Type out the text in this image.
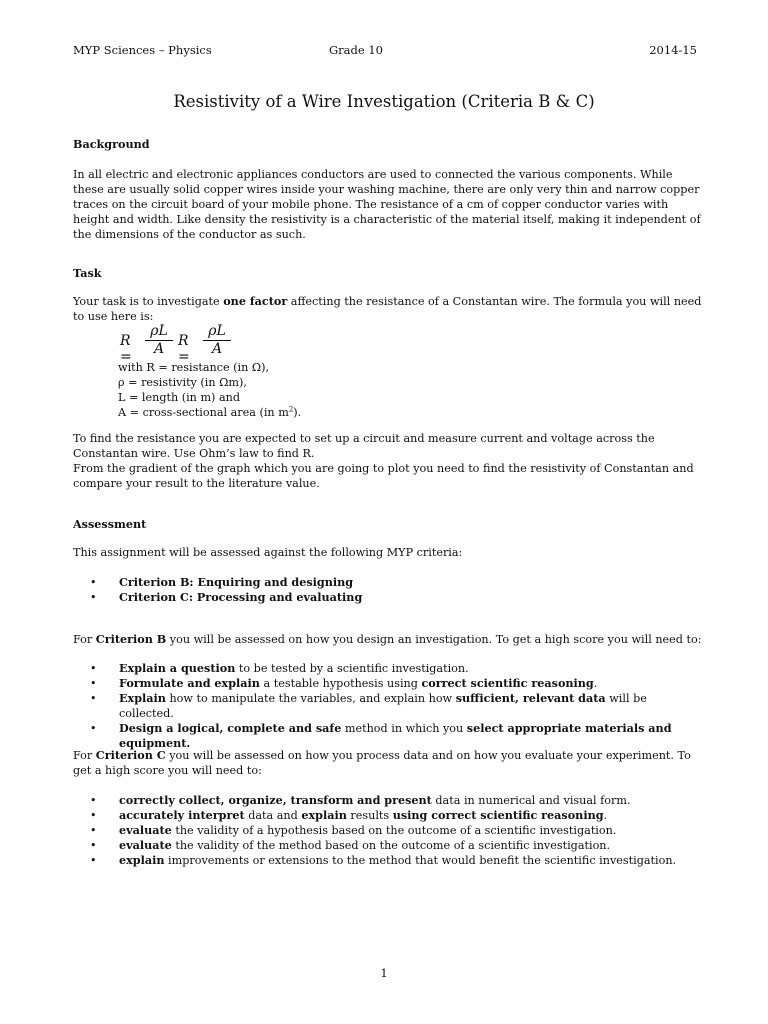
MYP Sciences – Physics	Grade 10	2014-15
Resistivity of a Wire Investigation (Criteria B & C)

Background

In all electric and electronic appliances conductors are used to connected the various components. While these are usually solid copper wires inside your washing machine, there are only very thin and narrow copper traces on the circuit board of your mobile phone. The resistance of a cm of copper conductor varies with height and width. Like density the resistivity is a characteristic of the material itself, making it independent of the dimensions of the conductor as such.

Task

Your task is to investigate one factor affecting the resistance of a Constantan wire. The formula you will need to use here is:

$R = \frac{\rho L}{A}$ $R = \frac{\rho L}{A}$

with R = resistance (in Ω),

ρ = resistivity (in Ωm),

L = length (in m) and

A = cross-sectional area (in $m^2$).

To find the resistance you are expected to set up a circuit and measure current and voltage across the Constantan wire. Use Ohm’s law to find R.

From the gradient of the graph which you are going to plot you need to find the resistivity of Constantan and compare your result to the literature value.

Assessment

This assignment will be assessed against the following MYP criteria:

• Criterion B: Enquiring and designing
• Criterion C: Processing and evaluating

For Criterion B you will be assessed on how you design an investigation. To get a high score you will need to:

• Explain a question to be tested by a scientific investigation.
• Formulate and explain a testable hypothesis using correct scientific reasoning.
• Explain how to manipulate the variables, and explain how sufficient, relevant data will be collected.
• Design a logical, complete and safe method in which you select appropriate materials and equipment.

For Criterion C you will be assessed on how you process data and on how you evaluate your experiment. To get a high score you will need to:

• correctly collect, organize, transform and present data in numerical and visual form.
• accurately interpret data and explain results using correct scientific reasoning.
• evaluate the validity of a hypothesis based on the outcome of a scientific investigation.
• evaluate the validity of the method based on the outcome of a scientific investigation.
• explain improvements or extensions to the method that would benefit the scientific investigation.
1
